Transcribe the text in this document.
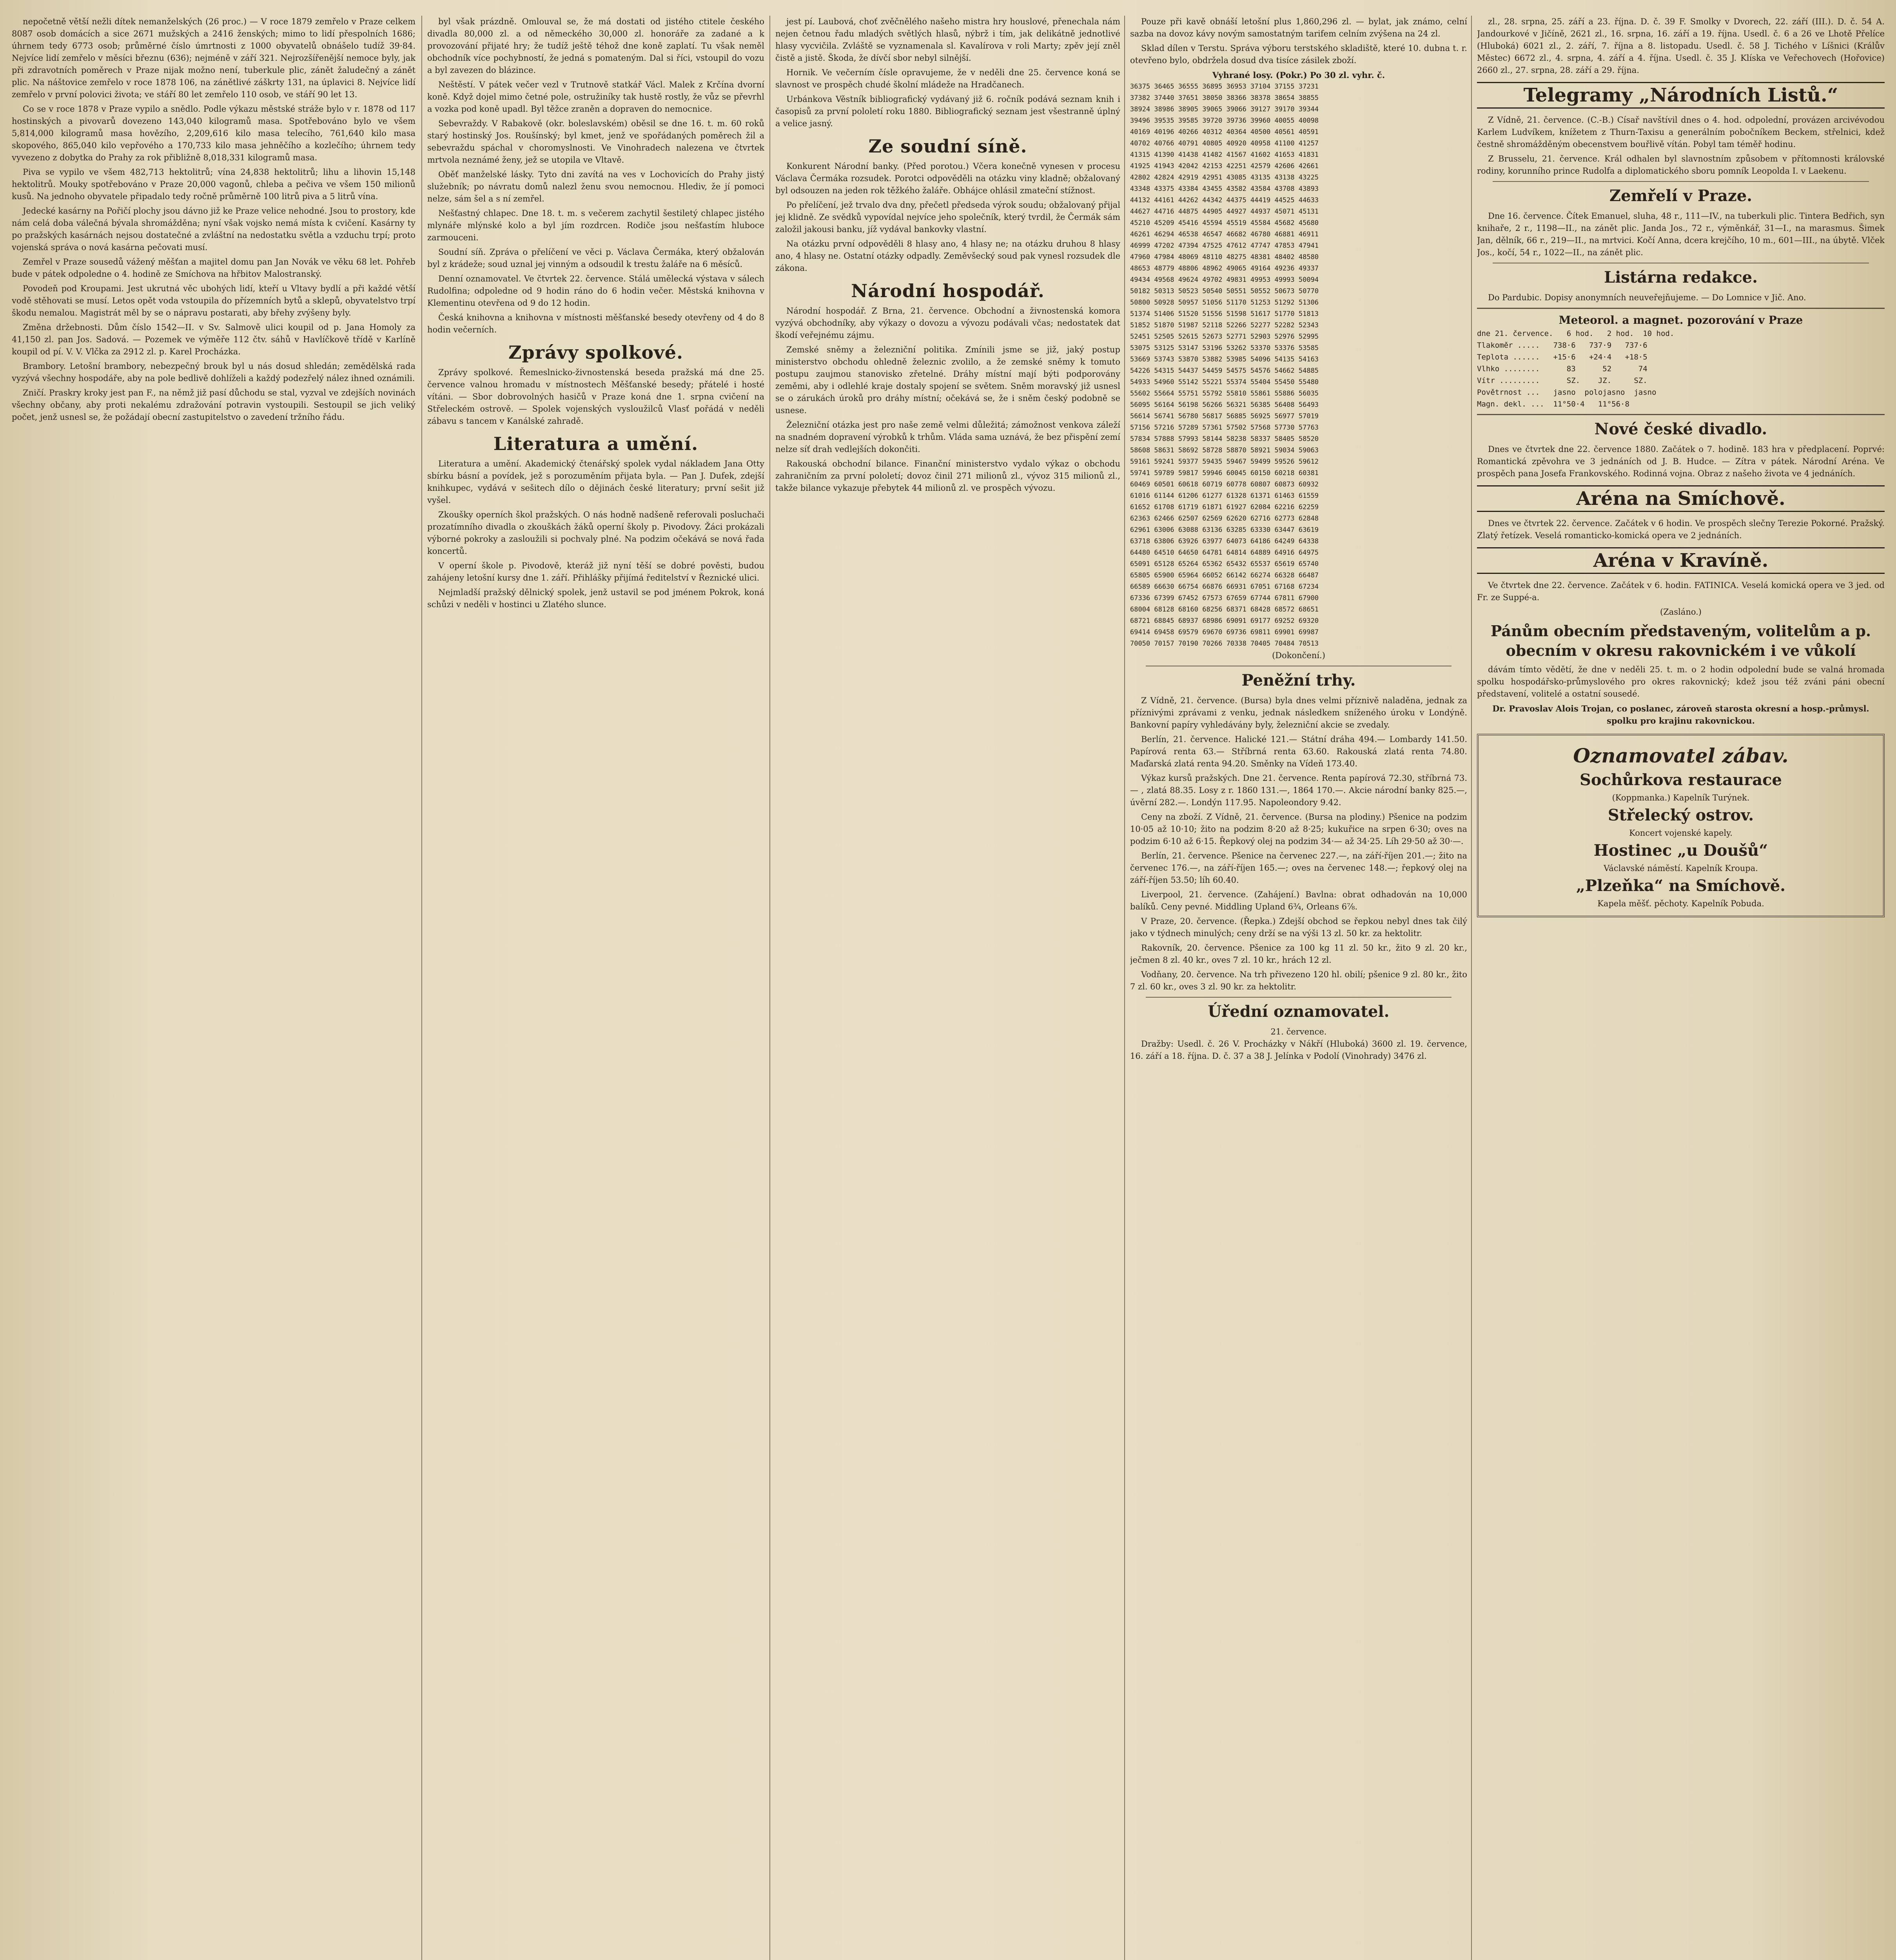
nepočetně větší nežli dítek nemanželských (26 proc.) — V roce 1879 zemřelo v Praze celkem 8087 osob domácích a sice 2671 mužských a 2416 ženských; mimo to lidí přespolních 1686; úhrnem tedy 6773 osob; průměrné číslo úmrtnosti z 1000 obyvatelů obnášelo tudíž 39·84. Nejvíce lidí zemřelo v měsíci březnu (636); nejméně v září 321. Nejrozšířenější nemoce byly, jak při zdravotních poměrech v Praze nijak možno není, tuberkule plic, zánět žaludečný a zánět plic. Na náštovice zemřelo v roce 1878 106, na zánětlivé záškrty 131, na úplavici 8. Nejvíce lidí zemřelo v první polovici života; ve stáří 80 let zemřelo 110 osob, ve stáří 90 let 13.

Co se v roce 1878 v Praze vypilo a snědlo. Podle výkazu městské stráže bylo v r. 1878 od 117 hostinských a pivovarů dovezeno 143,040 kilogramů masa. Spotřebováno bylo ve všem 5,814,000 kilogramů masa hovězího, 2,209,616 kilo masa telecího, 761,640 kilo masa skopového, 865,040 kilo vepřového a 170,733 kilo masa jehněčího a kozlečího; úhrnem tedy vyvezeno z dobytka do Prahy za rok přibližně 8,018,331 kilogramů masa.

Piva se vypilo ve všem 482,713 hektolitrů; vína 24,838 hektolitrů; lihu a lihovin 15,148 hektolitrů. Mouky spotřebováno v Praze 20,000 vagonů, chleba a pečiva ve všem 150 milionů kusů. Na jednoho obyvatele připadalo tedy ročně průměrně 100 litrů piva a 5 litrů vína.

Jedecké kasárny na Pořičí plochy jsou dávno již ke Praze velice nehodné. Jsou to prostory, kde nám celá doba válečná bývala shromážděna; nyní však vojsko nemá místa k cvičení. Kasárny ty po pražských kasárnách nejsou dostatečné a zvláštní na nedostatku světla a vzduchu trpí; proto vojenská správa o nová kasárna pečovati musí.

Zemřel v Praze sousedů vážený měšťan a majitel domu pan Jan Novák ve věku 68 let. Pohřeb bude v pátek odpoledne o 4. hodině ze Smíchova na hřbitov Malostranský.

Povodeň pod Kroupami. Jest ukrutná věc ubohých lidí, kteří u Vltavy bydlí a při každé větší vodě stěhovati se musí. Letos opět voda vstoupila do přízemních bytů a sklepů, obyvatelstvo trpí škodu nemalou. Magistrát měl by se o nápravu postarati, aby břehy zvýšeny byly.

Změna držebnosti. Dům číslo 1542—II. v Sv. Salmově ulici koupil od p. Jana Homoly za 41,150 zl. pan Jos. Sadová. — Pozemek ve výměře 112 čtv. sáhů v Havlíčkově třídě v Karlíně koupil od pí. V. V. Vlčka za 2912 zl. p. Karel Procházka.

Brambory. Letošní brambory, nebezpečný brouk byl u nás dosud shledán; zemědělská rada vyzývá všechny hospodáře, aby na pole bedlivě dohlíželi a každý podezřelý nález ihned oznámili.

Zničí. Praskry kroky jest pan F., na němž již pasí důchodu se stal, vyzval ve zdejších novinách všechny občany, aby proti nekalému zdražování potravin vystoupili. Sestoupil se jich veliký počet, jenž usnesl se, že požádají obecní zastupitelstvo o zavedení tržního řádu.

byl však prázdně. Omlouval se, že má dostati od jistého ctitele českého divadla 80,000 zl. a od německého 30,000 zl. honoráře za zadané a k provozování přijaté hry; že tudíž ještě téhož dne koně zaplatí. Tu však neměl obchodník více pochybností, že jedná s pomateným. Dal si říci, vstoupil do vozu a byl zavezen do blázince.

Neštěstí. V pátek večer vezl v Trutnově statkář Václ. Malek z Krčína dvorní koně. Když dojel mimo četné pole, ostružiníky tak hustě rostly, že vůz se převrhl a vozka pod koně upadl. Byl těžce zraněn a dopraven do nemocnice.

Sebevraždy. V Rabakově (okr. boleslavském) oběsil se dne 16. t. m. 60 roků starý hostinský Jos. Roušínský; byl kmet, jenž ve spořádaných poměrech žil a sebevraždu spáchal v choromyslnosti. Ve Vinohradech nalezena ve čtvrtek mrtvola neznámé ženy, jež se utopila ve Vltavě.

Oběť manželské lásky. Tyto dni zavítá na ves v Lochovicích do Prahy jistý služebník; po návratu domů nalezl ženu svou nemocnou. Hlediv, že jí pomoci nelze, sám šel a s ní zemřel.

Nešťastný chlapec. Dne 18. t. m. s večerem zachytil šestiletý chlapec jistého mlynáře mlýnské kolo a byl jím rozdrcen. Rodiče jsou nešťastím hluboce zarmouceni.

Soudní síň. Zpráva o přelíčení ve věci p. Václava Čermáka, který obžalován byl z krádeže; soud uznal jej vinným a odsoudil k trestu žaláře na 6 měsíců.

Denní oznamovatel. Ve čtvrtek 22. července. Stálá umělecká výstava v sálech Rudolfina; odpoledne od 9 hodin ráno do 6 hodin večer. Městská knihovna v Klementinu otevřena od 9 do 12 hodin.

Česká knihovna a knihovna v místnosti měšťanské besedy otevřeny od 4 do 8 hodin večerních.

Zprávy spolkové.

Zprávy spolkové. Řemeslnicko-živnostenská beseda pražská má dne 25. července valnou hromadu v místnostech Měšťanské besedy; přátelé i hosté vítáni. — Sbor dobrovolných hasičů v Praze koná dne 1. srpna cvičení na Střeleckém ostrově. — Spolek vojenských vysloužilců Vlasť pořádá v neděli zábavu s tancem v Kanálské zahradě.

Literatura a umění.

Literatura a umění. Akademický čtenářský spolek vydal nákladem Jana Otty sbírku básní a povídek, jež s porozuměním přijata byla. — Pan J. Dufek, zdejší knihkupec, vydává v sešitech dílo o dějinách české literatury; první sešit již vyšel.

Zkoušky operních škol pražských. O nás hodně nadšeně referovali posluchači prozatímního divadla o zkouškách žáků operní školy p. Pivodovy. Žáci prokázali výborné pokroky a zasloužili si pochvaly plné. Na podzim očekává se nová řada koncertů.

V operní škole p. Pivodově, kteráž již nyní těší se dobré pověsti, budou zahájeny letošní kursy dne 1. září. Přihlášky přijímá ředitelství v Řeznické ulici.

Nejmladší pražský dělnický spolek, jenž ustavil se pod jménem Pokrok, koná schůzi v neděli v hostinci u Zlatého slunce.

jest pí. Laubová, choť zvěčnělého našeho mistra hry houslové, přenechala nám nejen četnou řadu mladých světlých hlasů, nýbrž i tím, jak delikátně jednotlivé hlasy vycvičila. Zvláště se vyznamenala sl. Kavalírova v roli Marty; zpěv její zněl čistě a jistě. Škoda, že dívčí sbor nebyl silnější.

Hornik. Ve večerním čísle opravujeme, že v neděli dne 25. července koná se slavnost ve prospěch chudé školní mládeže na Hradčanech.

Urbánkova Věstník bibliografický vydávaný již 6. ročník podává seznam knih i časopisů za první pololetí roku 1880. Bibliografický seznam jest všestranně úplný a velice jasný.

Ze soudní síně.

Konkurent Národní banky. (Před porotou.) Včera konečně vynesen v procesu Václava Čermáka rozsudek. Porotci odpověděli na otázku viny kladně; obžalovaný byl odsouzen na jeden rok těžkého žaláře. Obhájce ohlásil zmateční stížnost.

Po přelíčení, jež trvalo dva dny, přečetl předseda výrok soudu; obžalovaný přijal jej klidně. Ze svědků vypovídal nejvíce jeho společník, který tvrdil, že Čermák sám založil jakousi banku, jíž vydával bankovky vlastní.

Na otázku první odpověděli 8 hlasy ano, 4 hlasy ne; na otázku druhou 8 hlasy ano, 4 hlasy ne. Ostatní otázky odpadly. Zeměvšecký soud pak vynesl rozsudek dle zákona.

Národní hospodář.

Národní hospodář. Z Brna, 21. července. Obchodní a živnostenská komora vyzývá obchodníky, aby výkazy o dovozu a vývozu podávali včas; nedostatek dat škodí veřejnému zájmu.

Zemské sněmy a železniční politika. Zmínili jsme se již, jaký postup ministerstvo obchodu ohledně železnic zvolilo, a že zemské sněmy k tomuto postupu zaujmou stanovisko zřetelné. Dráhy místní mají býti podporovány zeměmi, aby i odlehlé kraje dostaly spojení se světem. Sněm moravský již usnesl se o zárukách úroků pro dráhy místní; očekává se, že i sněm český podobně se usnese.

Železniční otázka jest pro naše země velmi důležitá; zámožnost venkova záleží na snadném dopravení výrobků k trhům. Vláda sama uznává, že bez přispění zemí nelze síť drah vedlejších dokončiti.

Rakouská obchodní bilance. Finanční ministerstvo vydalo výkaz o obchodu zahraničním za první pololetí; dovoz činil 271 milionů zl., vývoz 315 milionů zl., takže bilance vykazuje přebytek 44 milionů zl. ve prospěch vývozu.

Pouze při kavě obnáší letošní plus 1,860,296 zl. — bylat, jak známo, celní sazba na dovoz kávy novým samostatným tarifem celním zvýšena na 24 zl.

Sklad dílen v Terstu. Správa výboru terstského skladiště, které 10. dubna t. r. otevřeno bylo, obdržela dosud dva tisíce zásilek zboží.

Vyhrané losy. (Pokr.) Po 30 zl. vyhr. č.
36375 36465 36555 36895 36953 37104 37155 37231
37382 37440 37651 38050 38366 38378 38654 38855
38924 38986 38905 39065 39066 39127 39170 39344
39496 39535 39585 39720 39736 39960 40055 40098
40169 40196 40266 40312 40364 40500 40561 40591
40702 40766 40791 40805 40920 40958 41100 41257
41315 41390 41438 41482 41567 41602 41653 41831
41925 41943 42042 42153 42251 42579 42606 42661
42802 42824 42919 42951 43085 43135 43138 43225
43348 43375 43384 43455 43582 43584 43708 43893
44132 44161 44262 44342 44375 44419 44525 44633
44627 44716 44875 44905 44927 44937 45071 45131
45210 45209 45416 45594 45519 45584 45682 45680
46261 46294 46538 46547 46682 46780 46881 46911
46999 47202 47394 47525 47612 47747 47853 47941
47960 47984 48069 48110 48275 48381 48402 48580
48653 48779 48806 48962 49065 49164 49236 49337
49434 49568 49624 49702 49831 49953 49993 50094
50182 50313 50523 50540 50551 50552 50673 50770
50800 50928 50957 51056 51170 51253 51292 51306
51374 51406 51520 51556 51598 51617 51770 51813
51852 51870 51987 52118 52266 52277 52282 52343
52451 52505 52615 52673 52771 52903 52976 52995
53075 53125 53147 53196 53262 53370 53376 53585
53669 53743 53870 53882 53985 54096 54135 54163
54226 54315 54437 54459 54575 54576 54662 54885
54933 54960 55142 55221 55374 55404 55450 55480
55602 55664 55751 55792 55810 55861 55886 56035
56095 56164 56198 56266 56321 56385 56408 56493
56614 56741 56780 56817 56885 56925 56977 57019
57156 57216 57289 57361 57502 57568 57730 57763
57834 57888 57993 58144 58238 58337 58405 58520
58608 58631 58692 58728 58870 58921 59034 59063
59161 59241 59377 59435 59467 59499 59526 59612
59741 59789 59817 59946 60045 60150 60218 60381
60469 60501 60618 60719 60778 60807 60873 60932
61016 61144 61206 61277 61328 61371 61463 61559
61652 61708 61719 61871 61927 62084 62216 62259
62363 62466 62507 62569 62620 62716 62773 62848
62961 63006 63088 63136 63285 63330 63447 63619
63718 63806 63926 63977 64073 64186 64249 64338
64480 64510 64650 64781 64814 64889 64916 64975
65091 65128 65264 65362 65432 65537 65619 65740
65805 65900 65964 66052 66142 66274 66328 66487
66589 66630 66754 66876 66931 67051 67168 67234
67336 67399 67452 67573 67659 67744 67811 67900
68004 68128 68160 68256 68371 68428 68572 68651
68721 68845 68937 68986 69091 69177 69252 69320
69414 69458 69579 69670 69736 69811 69901 69987
70050 70157 70190 70266 70338 70405 70484 70513
(Dokončení.)
Peněžní trhy.

Z Vídně, 21. července. (Bursa) byla dnes velmi příznivě naladěna, jednak za příznivými zprávami z venku, jednak následkem sníženého úroku v Londýně. Bankovní papíry vyhledávány byly, železniční akcie se zvedaly.

Berlín, 21. července. Halické 121.— Státní dráha 494.— Lombardy 141.50. Papírová renta 63.— Stříbrná renta 63.60. Rakouská zlatá renta 74.80. Maďarská zlatá renta 94.20. Směnky na Vídeň 173.40.

Výkaz kursů pražských. Dne 21. července. Renta papírová 72.30, stříbrná 73.— , zlatá 88.35. Losy z r. 1860 131.—, 1864 170.—. Akcie národní banky 825.—, úvěrní 282.—. Londýn 117.95. Napoleondory 9.42.

Ceny na zboží. Z Vídně, 21. července. (Bursa na plodiny.) Pšenice na podzim 10·05 až 10·10; žito na podzim 8·20 až 8·25; kukuřice na srpen 6·30; oves na podzim 6·10 až 6·15. Řepkový olej na podzim 34·— až 34·25. Líh 29·50 až 30·—.

Berlín, 21. července. Pšenice na červenec 227.—, na září-říjen 201.—; žito na červenec 176.—, na září-říjen 165.—; oves na červenec 148.—; řepkový olej na září-říjen 53.50; líh 60.40.

Liverpool, 21. července. (Zahájení.) Bavlna: obrat odhadován na 10,000 balíků. Ceny pevné. Middling Upland 6¾, Orleans 6⅞.

V Praze, 20. července. (Řepka.) Zdejší obchod se řepkou nebyl dnes tak čilý jako v týdnech minulých; ceny drží se na výši 13 zl. 50 kr. za hektolitr.

Rakovník, 20. července. Pšenice za 100 kg 11 zl. 50 kr., žito 9 zl. 20 kr., ječmen 8 zl. 40 kr., oves 7 zl. 10 kr., hrách 12 zl.

Vodňany, 20. července. Na trh přivezeno 120 hl. obilí; pšenice 9 zl. 80 kr., žito 7 zl. 60 kr., oves 3 zl. 90 kr. za hektolitr.

Úřední oznamovatel.
21. července.

Dražby: Usedl. č. 26 V. Procházky v Nákří (Hluboká) 3600 zl. 19. července, 16. září a 18. října. D. č. 37 a 38 J. Jelínka v Podolí (Vinohrady) 3476 zl.

zl., 28. srpna, 25. září a 23. října. D. č. 39 F. Smolky v Dvorech, 22. září (III.). D. č. 54 A. Jandourkové v Jičíně, 2621 zl., 16. srpna, 16. září a 19. října. Usedl. č. 6 a 26 ve Lhotě Přelíce (Hluboká) 6021 zl., 2. září, 7. října a 8. listopadu. Usedl. č. 58 J. Tichého v Líšnici (Králův Městec) 6672 zl., 4. srpna, 4. září a 4. října. Usedl. č. 35 J. Klíska ve Veřechovech (Hořovice) 2660 zl., 27. srpna, 28. září a 29. října.

Telegramy „Národních Listů.“

Z Vídně, 21. července. (C.-B.) Císař navštívil dnes o 4. hod. odpolední, provázen arcivévodou Karlem Ludvíkem, knížetem z Thurn-Taxisu a generálním pobočníkem Beckem, střelnici, kdež čestně shromážděným obecenstvem bouřlivě vítán. Pobyl tam téměř hodinu.

Z Brusselu, 21. července. Král odhalen byl slavnostním způsobem v přítomnosti královské rodiny, korunního prince Rudolfa a diplomatického sboru pomník Leopolda I. v Laekenu.

Zemřelí v Praze.

Dne 16. července. Čítek Emanuel, sluha, 48 r., 111—IV., na tuberkuli plic. Tintera Bedřich, syn knihaře, 2 r., 1198—II., na zánět plic. Janda Jos., 72 r., výměnkář, 31—I., na marasmus. Šimek Jan, dělník, 66 r., 219—II., na mrtvici. Kočí Anna, dcera krejčího, 10 m., 601—III., na úbytě. Vlček Jos., kočí, 54 r., 1022—II., na zánět plic.

Listárna redakce.

Do Pardubic. Dopisy anonymních neuveřejňujeme. — Do Lomnice v Jič. Ano.

Meteorol. a magnet. pozorování v Praze
dne 21. července.   6 hod.   2 hod.  10 hod.
Tlakoměr .....   738·6   737·9   737·6
Teplota ......   +15·6   +24·4   +18·5
Vlhko ........      83      52      74
Vítr .........      SZ.    JZ.     SZ.
Povětrnost ...   jasno  polojasno  jasno
Magn. dekl. ...  11°50·4   11°56·8
Nové české divadlo.

Dnes ve čtvrtek dne 22. července 1880. Začátek o 7. hodině. 183 hra v předplacení. Poprvé: Romantická zpěvohra ve 3 jednáních od J. B. Hudce. — Zítra v pátek. Národní Aréna. Ve prospěch pana Josefa Frankovského. Rodinná vojna. Obraz z našeho života ve 4 jednáních.

Aréna na Smíchově.

Dnes ve čtvrtek 22. července. Začátek v 6 hodin. Ve prospěch slečny Terezie Pokorné. Pražský. Zlatý řetízek. Veselá romanticko-komická opera ve 2 jednáních.

Aréna v Kravíně.

Ve čtvrtek dne 22. července. Začátek v 6. hodin. FATINICA. Veselá komická opera ve 3 jed. od Fr. ze Suppé-a.

(Zasláno.)
Pánům obecním představeným, volitelům a p. obecním v okresu rakovnickém i ve vůkolí

dávám tímto vědětí, že dne v neděli 25. t. m. o 2 hodin odpolední bude se valná hromada spolku hospodářsko-průmyslového pro okres rakovnický; kdež jsou též zváni páni obecní představení, volitelé a ostatní sousedé.

Dr. Pravoslav Alois Trojan, co poslanec, zároveň starosta okresní a hosp.-průmysl. spolku pro krajinu rakovnickou.

Oznamovatel zábav.
Sochůrkova restaurace
(Koppmanka.) Kapelník Turýnek.
Střelecký ostrov.
Koncert vojenské kapely.
Hostinec „u Doušů“
Václavské náměstí. Kapelník Kroupa.
„Plzeňka“ na Smíchově.
Kapela měšť. pěchoty. Kapelník Pobuda.
